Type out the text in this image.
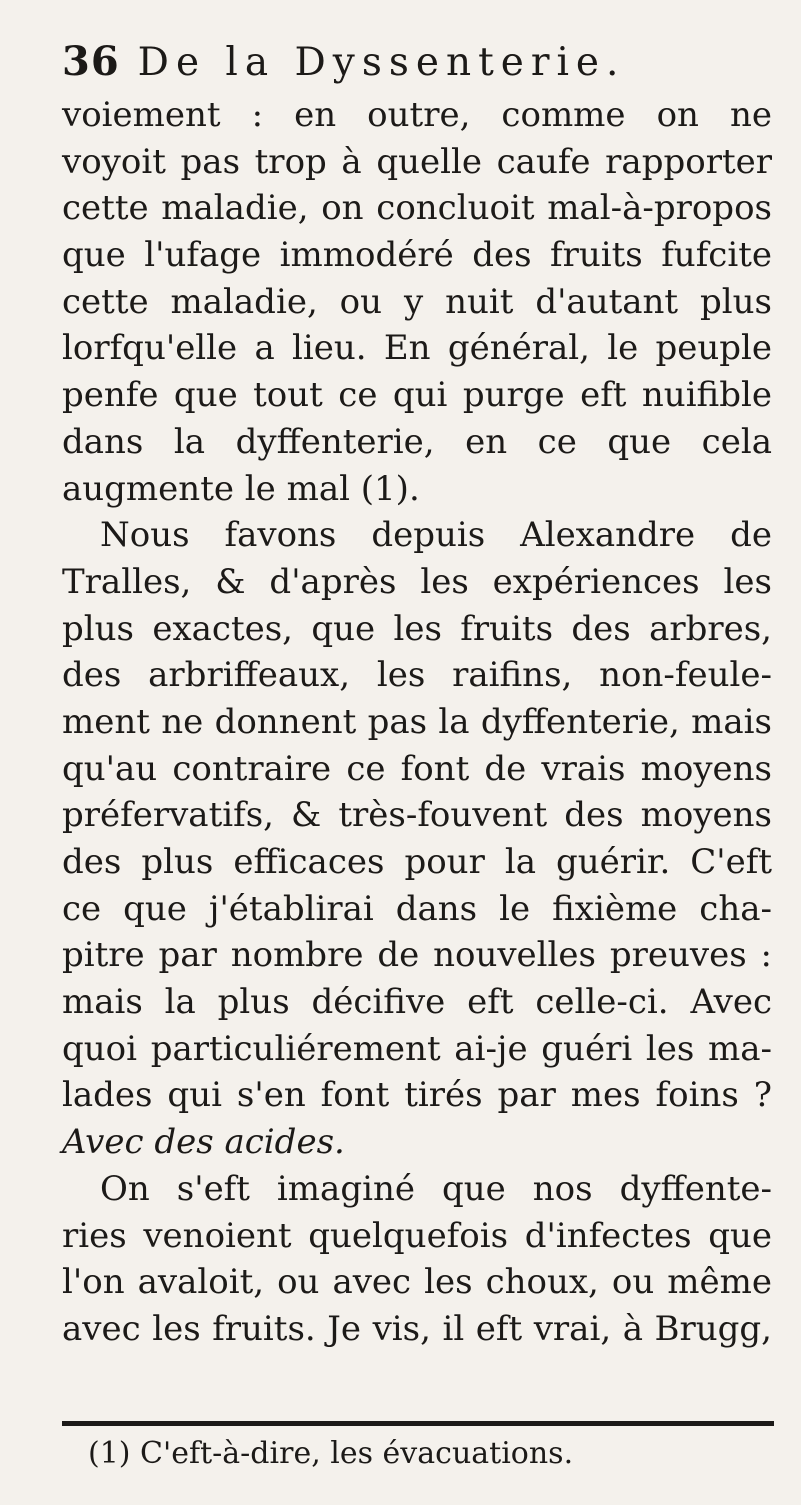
36 De la Dyssenterie.
voiement : en outre, comme on ne
voyoit pas trop à quelle caufe rapporter
cette maladie, on concluoit mal-à-propos
que l'ufage immodéré des fruits fufcite
cette maladie, ou y nuit d'autant plus
lorfqu'elle a lieu. En général, le peuple
penfe que tout ce qui purge eft nuifible
dans la dyffenterie, en ce que cela
augmente le mal (1).
Nous favons depuis Alexandre de
Tralles, & d'après les expériences les
plus exactes, que les fruits des arbres,
des arbriffeaux, les raifins, non-feule-
ment ne donnent pas la dyffenterie, mais
qu'au contraire ce font de vrais moyens
préfervatifs, & très-fouvent des moyens
des plus efficaces pour la guérir. C'eft
ce que j'établirai dans le fixième cha-
pitre par nombre de nouvelles preuves :
mais la plus décifive eft celle-ci. Avec
quoi particuliérement ai-je guéri les ma-
lades qui s'en font tirés par mes foins ?
Avec des acides.
On s'eft imaginé que nos dyffente-
ries venoient quelquefois d'infectes que
l'on avaloit, ou avec les choux, ou même
avec les fruits. Je vis, il eft vrai, à Brugg,
(1) C'eft-à-dire, les évacuations.
